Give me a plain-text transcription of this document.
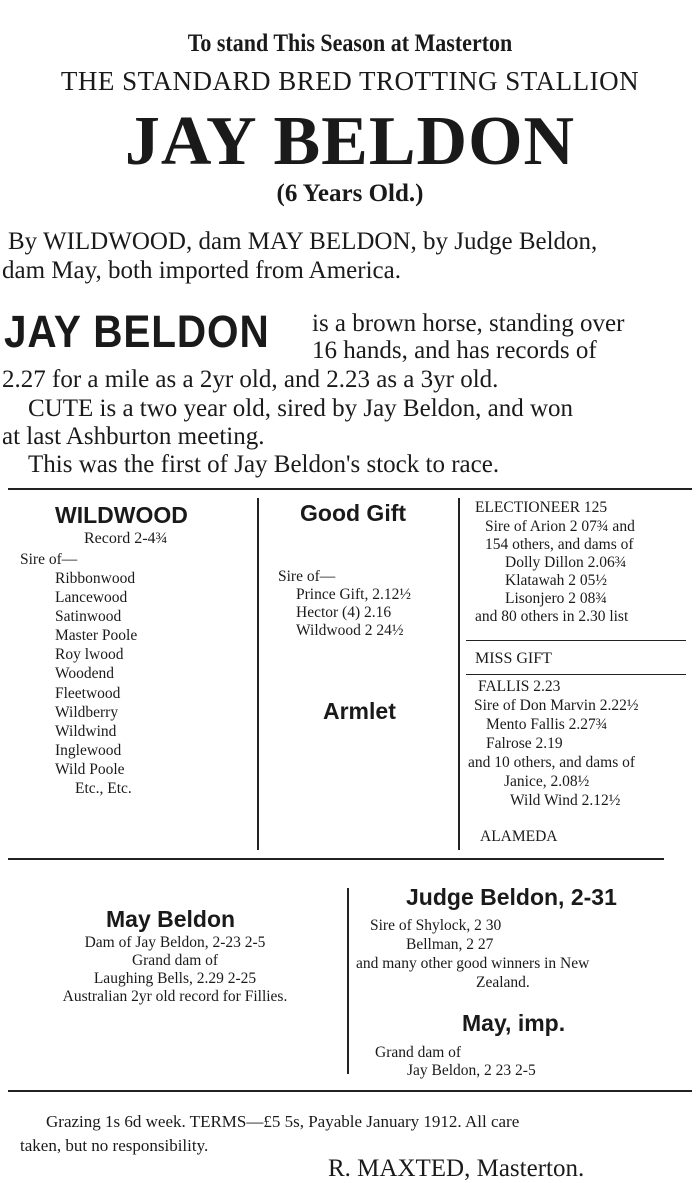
To stand This Season at Masterton
THE STANDARD BRED TROTTING STALLION
JAY BELDON
(6 Years Old.)
By WILDWOOD, dam MAY BELDON, by Judge Beldon,
dam May, both imported from America.
JAY BELDON is a brown horse, standing over
16 hands, and has records of
2.27 for a mile as a 2yr old, and 2.23 as a 3yr old.
CUTE is a two year old, sired by Jay Beldon, and won
at last Ashburton meeting.
This was the first of Jay Beldon's stock to race.
WILDWOOD
Record 2-4¾
Sire of—
Ribbonwood
Lancewood
Satinwood
Master Poole
Roy lwood
Woodend
Fleetwood
Wildberry
Wildwind
Inglewood
Wild Poole
Etc., Etc.
Good Gift
Sire of—
Prince Gift, 2.12½
Hector (4) 2.16
Wildwood 2 24½
Armlet
ELECTIONEER 125
Sire of Arion 2 07¾ and
154 others, and dams of
Dolly Dillon 2.06¾
Klatawah 2 05½
Lisonjero 2 08¾
and 80 others in 2.30 list
MISS GIFT
FALLIS 2.23
Sire of Don Marvin 2.22½
Mento Fallis 2.27¾
Falrose 2.19
and 10 others, and dams of
Janice, 2.08½
Wild Wind 2.12½
ALAMEDA
May Beldon
Dam of Jay Beldon, 2-23 2-5
Grand dam of
Laughing Bells, 2.29 2-25
Australian 2yr old record for Fillies.
Judge Beldon, 2-31
Sire of Shylock, 2 30
Bellman, 2 27
and many other good winners in New
Zealand.
May, imp.
Grand dam of
Jay Beldon, 2 23 2-5
Grazing 1s 6d week. TERMS—£5 5s, Payable January 1912. All care
taken, but no responsibility.
R. MAXTED, Masterton.
